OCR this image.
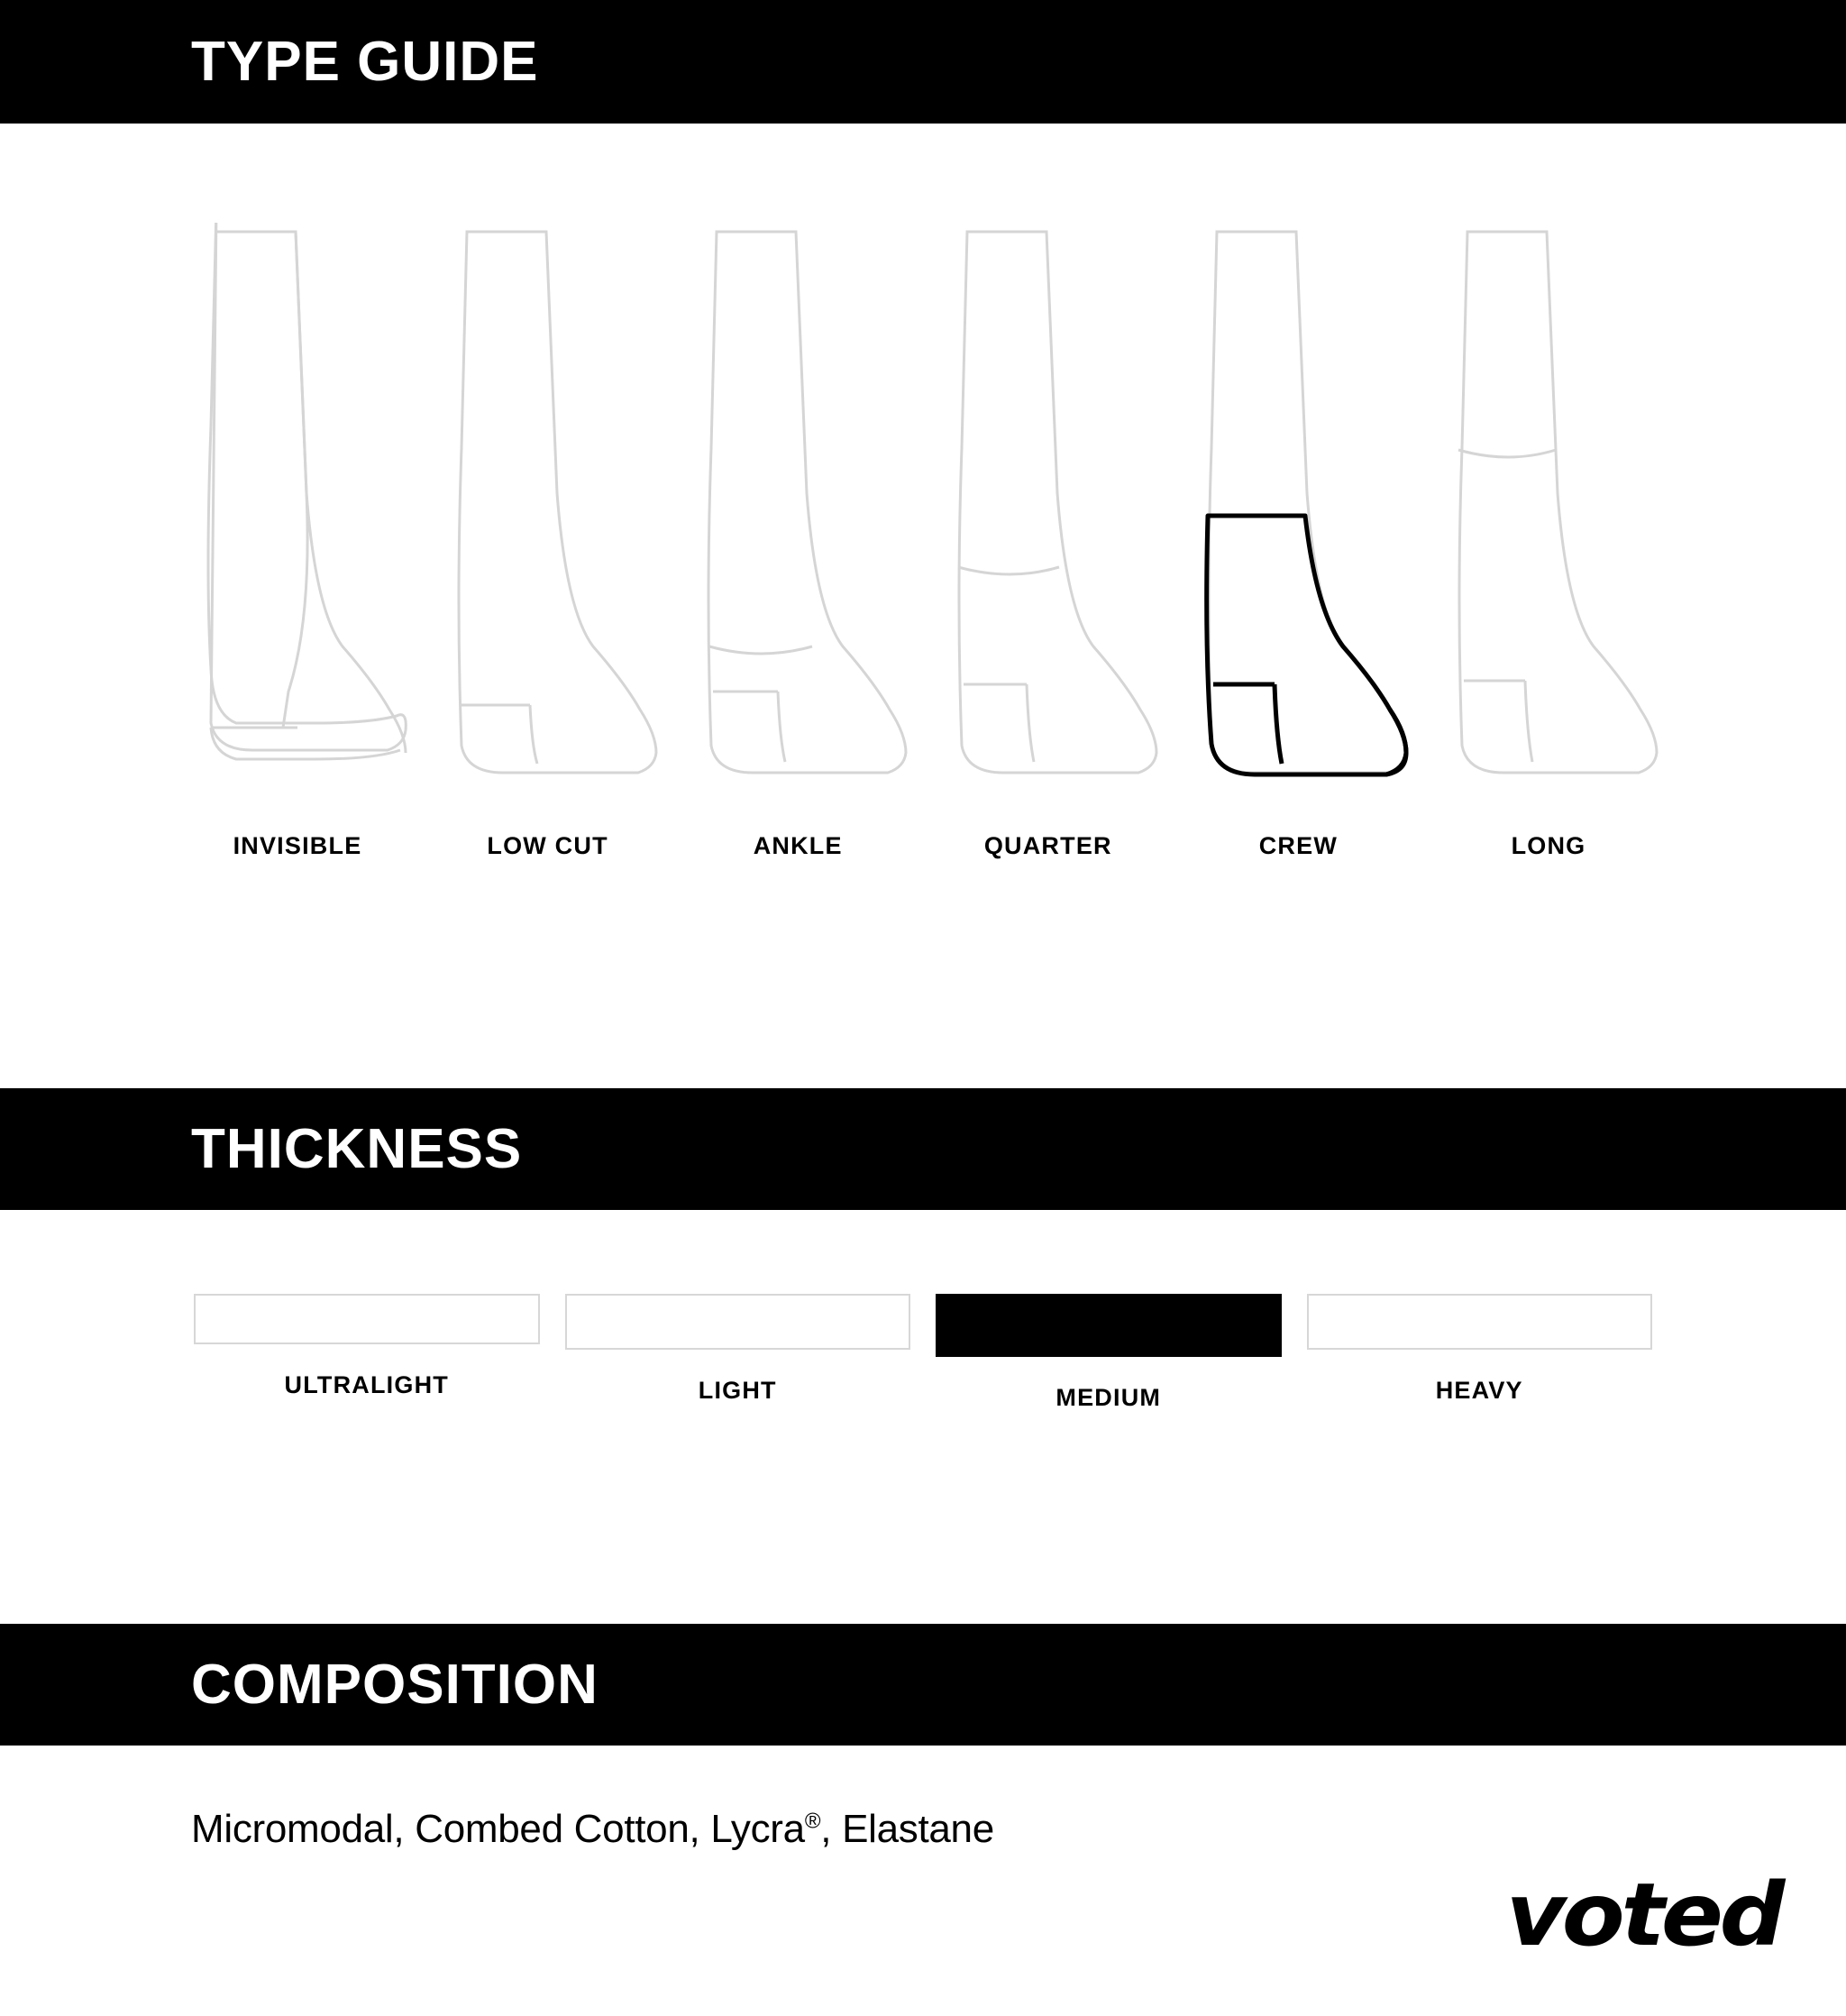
TYPE GUIDE
INVISIBLE	LOW CUT	ANKLE	QUARTER	CREW	LONG
THICKNESS
ULTRALIGHT	LIGHT	MEDIUM	HEAVY
COMPOSITION
Micromodal, Combed Cotton, Lycra®, Elastane
voted
